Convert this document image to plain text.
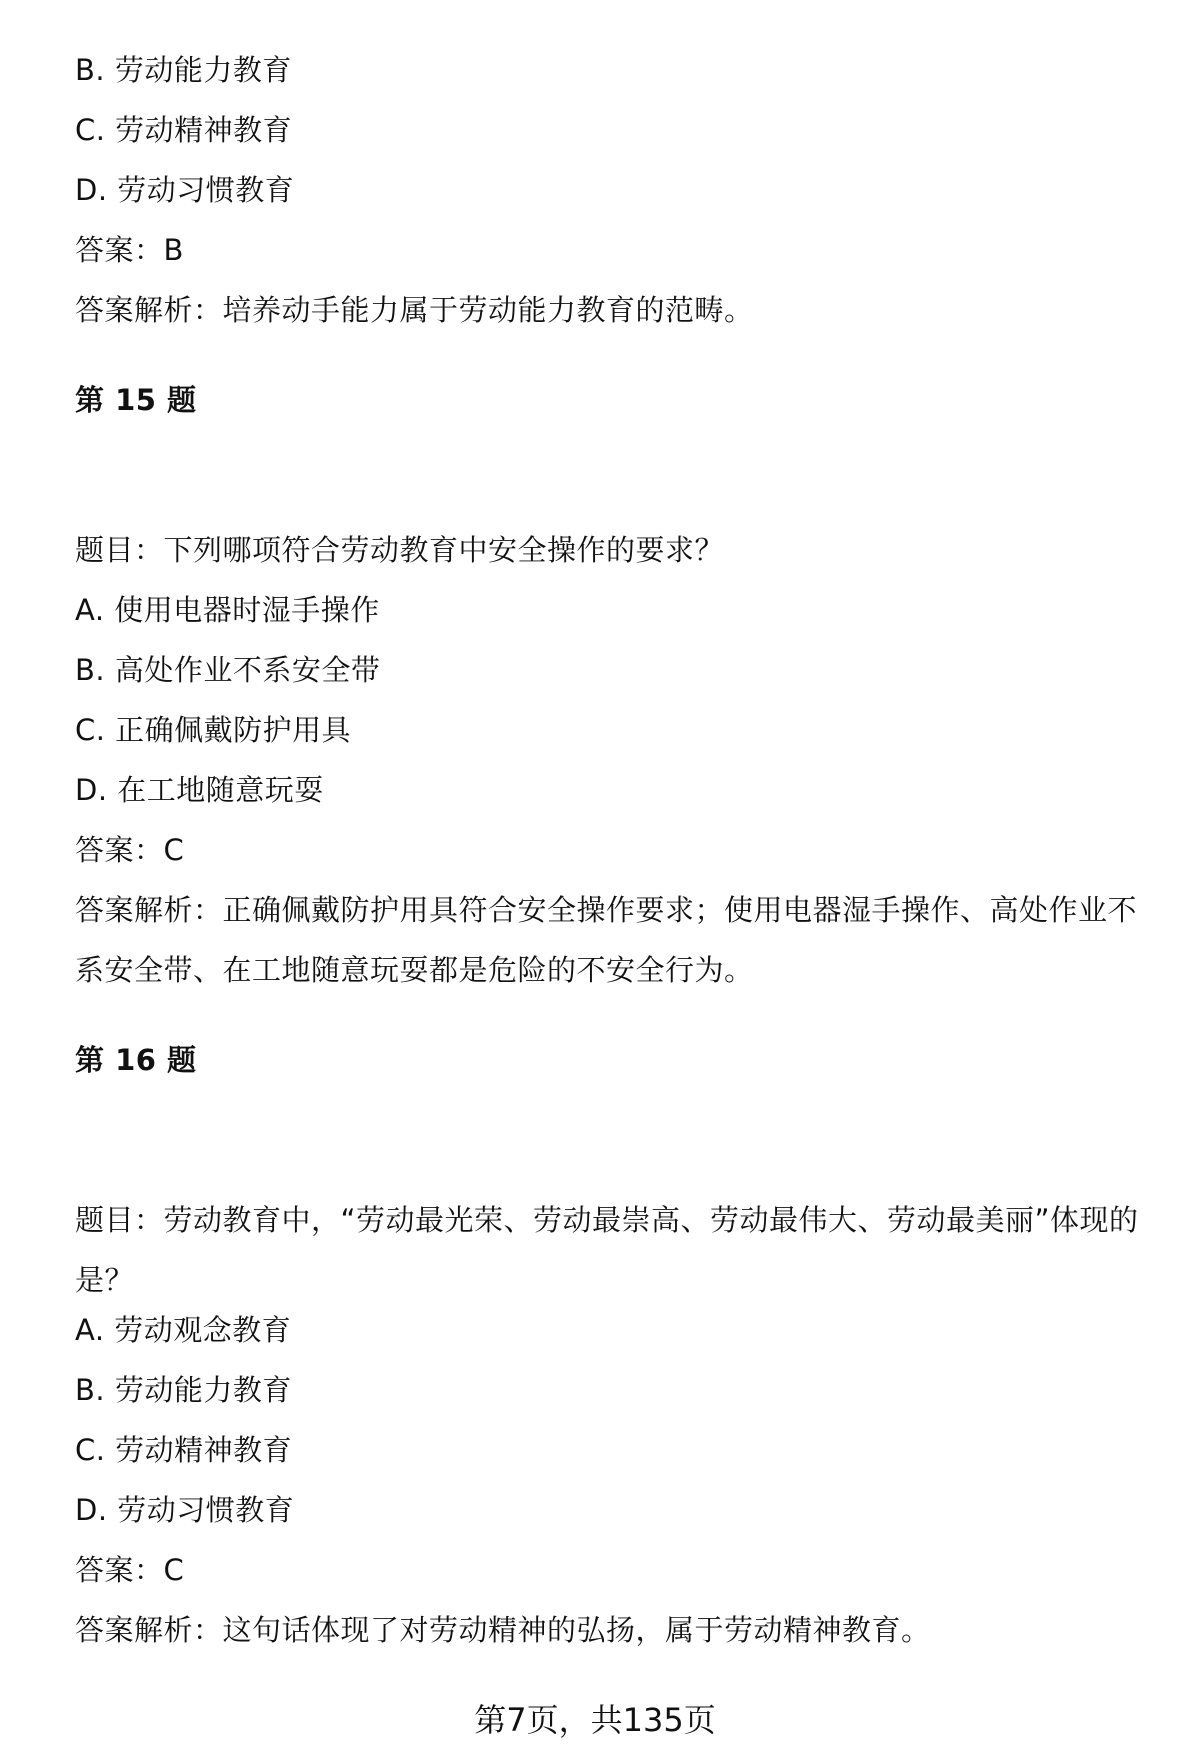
B. 劳动能力教育
C. 劳动精神教育
D. 劳动习惯教育
答案：B
答案解析：培养动手能力属于劳动能力教育的范畴。
第 15 题
题目：下列哪项符合劳动教育中安全操作的要求？
A. 使用电器时湿手操作
B. 高处作业不系安全带
C. 正确佩戴防护用具
D. 在工地随意玩耍
答案：C
答案解析：正确佩戴防护用具符合安全操作要求；使用电器湿手操作、高处作业不系安全带、在工地随意玩耍都是危险的不安全行为。
第 16 题
题目：劳动教育中，“劳动最光荣、劳动最崇高、劳动最伟大、劳动最美丽”体现的是？
A. 劳动观念教育
B. 劳动能力教育
C. 劳动精神教育
D. 劳动习惯教育
答案：C
答案解析：这句话体现了对劳动精神的弘扬，属于劳动精神教育。
第7页，共135页
